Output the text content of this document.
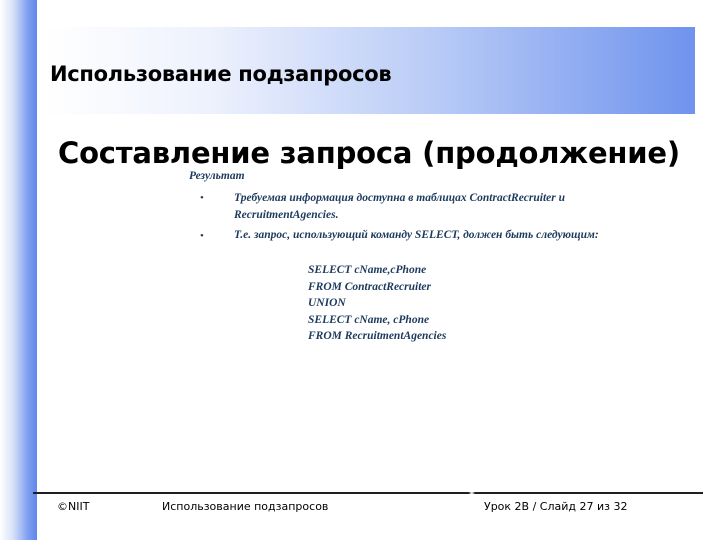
Использование подзапросов
Составление запроса (продолжение)
Результат
•	Требуемая информация доступна в таблицах ContractRecruiter и RecruitmentAgencies.
•	Т.е. запрос, использующий команду SELECT, должен быть следующим:
SELECT cName,cPhone
FROM ContractRecruiter
UNION
SELECT cName, cPhone
FROM RecruitmentAgencies
©NIIT	Использование подзапросов	Урок 2B / Слайд 27 из 32
